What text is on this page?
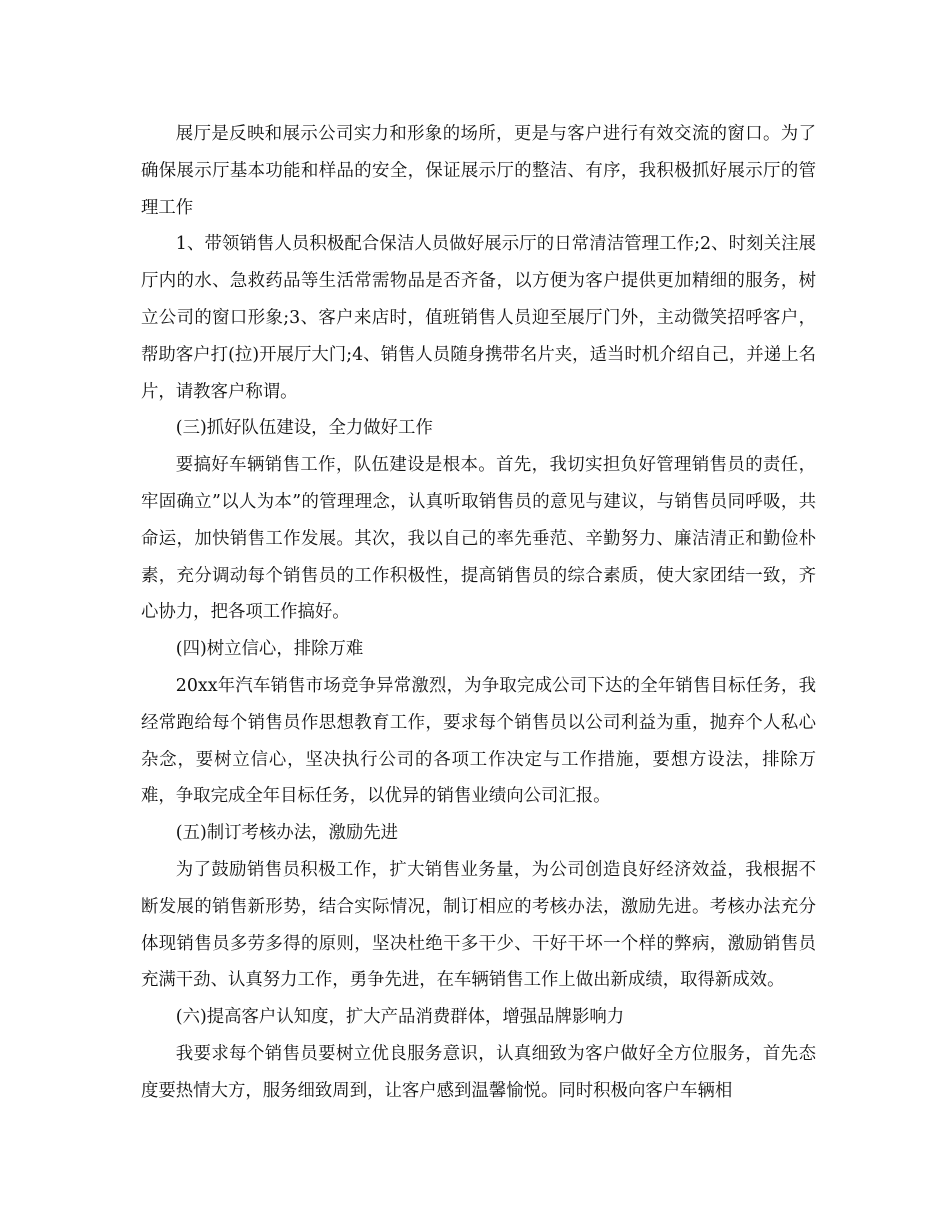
展厅是反映和展示公司实力和形象的场所，更是与客户进行有效交流的窗口。为了确保展示厅基本功能和样品的安全，保证展示厅的整洁、有序，我积极抓好展示厅的管理工作

1、带领销售人员积极配合保洁人员做好展示厅的日常清洁管理工作;2、时刻关注展厅内的水、急救药品等生活常需物品是否齐备，以方便为客户提供更加精细的服务，树立公司的窗口形象;3、客户来店时，值班销售人员迎至展厅门外，主动微笑招呼客户，帮助客户打(拉)开展厅大门;4、销售人员随身携带名片夹，适当时机介绍自己，并递上名片，请教客户称谓。

(三)抓好队伍建设，全力做好工作

要搞好车辆销售工作，队伍建设是根本。首先，我切实担负好管理销售员的责任，牢固确立”以人为本”的管理理念，认真听取销售员的意见与建议，与销售员同呼吸，共命运，加快销售工作发展。其次，我以自己的率先垂范、辛勤努力、廉洁清正和勤俭朴素，充分调动每个销售员的工作积极性，提高销售员的综合素质，使大家团结一致，齐心协力，把各项工作搞好。

(四)树立信心，排除万难

20xx年汽车销售市场竞争异常激烈，为争取完成公司下达的全年销售目标任务，我经常跑给每个销售员作思想教育工作，要求每个销售员以公司利益为重，抛弃个人私心杂念，要树立信心，坚决执行公司的各项工作决定与工作措施，要想方设法，排除万难，争取完成全年目标任务，以优异的销售业绩向公司汇报。

(五)制订考核办法，激励先进

为了鼓励销售员积极工作，扩大销售业务量，为公司创造良好经济效益，我根据不断发展的销售新形势，结合实际情况，制订相应的考核办法，激励先进。考核办法充分体现销售员多劳多得的原则，坚决杜绝干多干少、干好干坏一个样的弊病，激励销售员充满干劲、认真努力工作，勇争先进，在车辆销售工作上做出新成绩，取得新成效。

(六)提高客户认知度，扩大产品消费群体，增强品牌影响力

我要求每个销售员要树立优良服务意识，认真细致为客户做好全方位服务，首先态度要热情大方，服务细致周到，让客户感到温馨愉悦。同时积极向客户车辆相
